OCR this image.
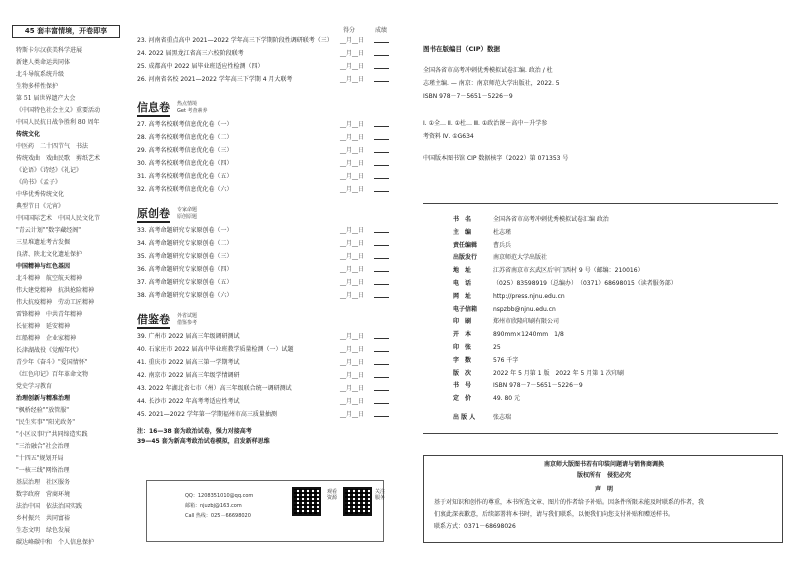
45 套丰富情境，开卷即享
特斯卡尔汉获美科学进展
新建人类命运共同体
北斗导航系统升级
生物多样性保护
第 51 届世界遗产大会
《中国特色社会主义》重要活动
中国人民抗日战争胜利 80 周年
传统文化
中医药　二十四节气　书法
传统戏曲　戏曲民歌　剪纸艺术
《论语》《诗经》《礼记》
《尚书》《孟子》
中华优秀传统文化
典型节日《元宵》
中国国际艺术　中国人民文化节
"青云计划""数字藏经阁"
三星堆遗址考古发掘
良渚、陕北文化遗址保护
中国精神与红色基因
北斗精神　航空航天精神
伟大建党精神　抗洪抢险精神
伟大抗疫精神　劳动工匠精神
雷锋精神　中共青年精神
长征精神　延安精神
红船精神　企业家精神
长津湖战役《觉醒年代》
青少年《奋斗》"爱国情怀"
《红色印记》百年革命文物
党史学习教育
治理创新与精准治理
"枫桥经验""放管服"
"民生实事""阳光政务"
"小区议事厅"共同缔造实践
"三治融合"社会治理
"十四五"规划开局
"一核三线"网络治理
基层治理　社区服务
数字政府　营商环境
法治中国　依法治国实践
乡村振兴　共同富裕
生态文明　绿色发展
碳达峰碳中和　个人信息保护
得分	成绩
QQ：1208351010@qq.com
邮箱：njuzbj@163.com
Call 热线：025－66698020
观看资源
关注服务
23. 河南省重点高中 2021—2022 学年高三下学期阶段性调研联考（三）	__月__日
24. 2022 届黑龙江省高三六校阶段联考	__月__日
25. 成都高中 2022 届毕业班适应性检测（四）	__月__日
26. 河南省名校 2021—2022 学年高三下学期 4 月大联考	__月__日
信息卷 热点情境
Get 考查素养
27. 高考名校联考信息优化卷（一）	__月__日
28. 高考名校联考信息优化卷（二）	__月__日
29. 高考名校联考信息优化卷（三）	__月__日
30. 高考名校联考信息优化卷（四）	__月__日
31. 高考名校联考信息优化卷（五）	__月__日
32. 高考名校联考信息优化卷（六）	__月__日
原创卷 专家命题
原创原题
33. 高考命题研究专家原创卷（一）	__月__日
34. 高考命题研究专家原创卷（二）	__月__日
35. 高考命题研究专家原创卷（三）	__月__日
36. 高考命题研究专家原创卷（四）	__月__日
37. 高考命题研究专家原创卷（五）	__月__日
38. 高考命题研究专家原创卷（六）	__月__日
借鉴卷 外省试题
借鉴参考
39. 广州市 2022 届高三年级调研测试	__月__日
40. 石家庄市 2022 届高中毕业班教学质量检测（一）试题	__月__日
41. 重庆市 2022 届高三第一学期考试	__月__日
42. 南京市 2022 届高三年级学情调研	__月__日
43. 2022 年湖北省七市（州）高三年级联合统一调研测试	__月__日
44. 长沙市 2022 年高考考适应性考试	__月__日
45. 2021—2022 学年第一学期福州市高三质量抽测	__月__日
注：16—38 套为政治试卷，强力对接高考
39—45 套为新高考政治试卷模拟，启发新样思维
图书在版编目（CIP）数据
南京师大版图书若有印装问题请与销售商调换
版权所有　侵犯必究
声　明
基于对知识和创作的尊重，本书所选文章、图片的作者给予补贴。因条件所限未能及时联系的作者，我
们衷此深表歉意，后续部署将本书时，请与我们联系，以便我们向您支付补贴和赠送样书。
联系方式：0371－68698026
全国各省市高考冲刺优秀模拟试卷汇编. 政治 / 杜
志瑾主编. — 南京：南京师范大学出版社，2022. 5
ISBN 978－7－5651－5226－9
Ⅰ. ①全… Ⅱ. ①杜… Ⅲ. ①政治课－高中－升学参
考资料 Ⅳ. ①G634
中国版本图书馆 CIP 数据核字（2022）第 071353 号
书　名	全国各省市高考冲刺优秀模拟试卷汇编 政治
主　编	杜志瑾
责任编辑	曹兵兵
出版发行	南京师范大学出版社
地　址	江苏省南京市玄武区后宰门西村 9 号（邮编：210016）
电　话	（025）83598919（总编办）　（0371）68698015（读者服务部）
网　址	http://press.njnu.edu.cn
电子信箱	nspzbb@njnu.edu.cn
印　刷	郑州市欣隆印刷有限公司
开　本	890mm×1240mm　1/8
印　张	25
字　数	576 千字
版　次	2022 年 5 月第 1 版　2022 年 5 月第 1 次印刷
书　号	ISBN 978－7－5651－5226－9
定　价	49. 80 元
出 版 人	张志瑞
